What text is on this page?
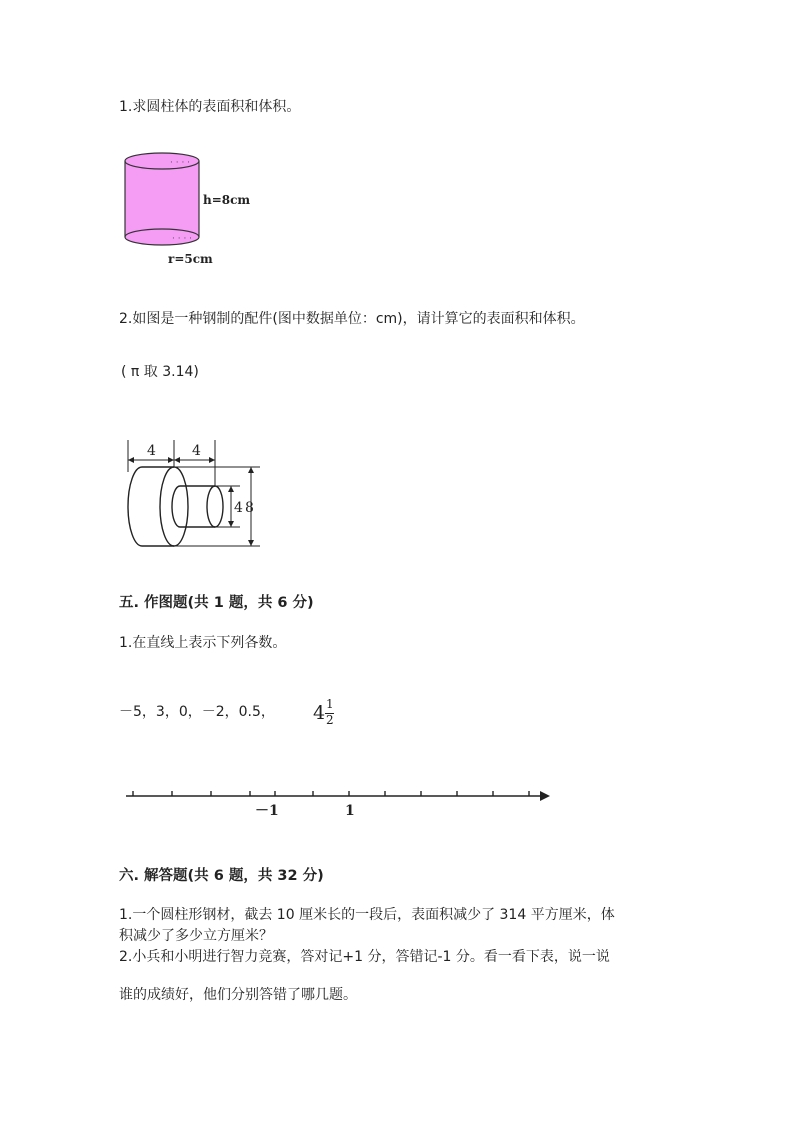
1.求圆柱体的表面积和体积。
· · · ·
· · · ·
h=8cm
r=5cm
2.如图是一种钢制的配件(图中数据单位：cm)，请计算它的表面积和体积。
( π 取 3.14)
4	4
4 8
五. 作图题(共 1 题，共 6 分)
1.在直线上表示下列各数。
－5，3，0，－2，0.5， 4 1
2
－1	1
六. 解答题(共 6 题，共 32 分)
1.一个圆柱形钢材，截去 10 厘米长的一段后，表面积减少了 314 平方厘米，体
积减少了多少立方厘米？
2.小兵和小明进行智力竞赛，答对记+1 分，答错记-1 分。看一看下表，说一说
谁的成绩好，他们分别答错了哪几题。
